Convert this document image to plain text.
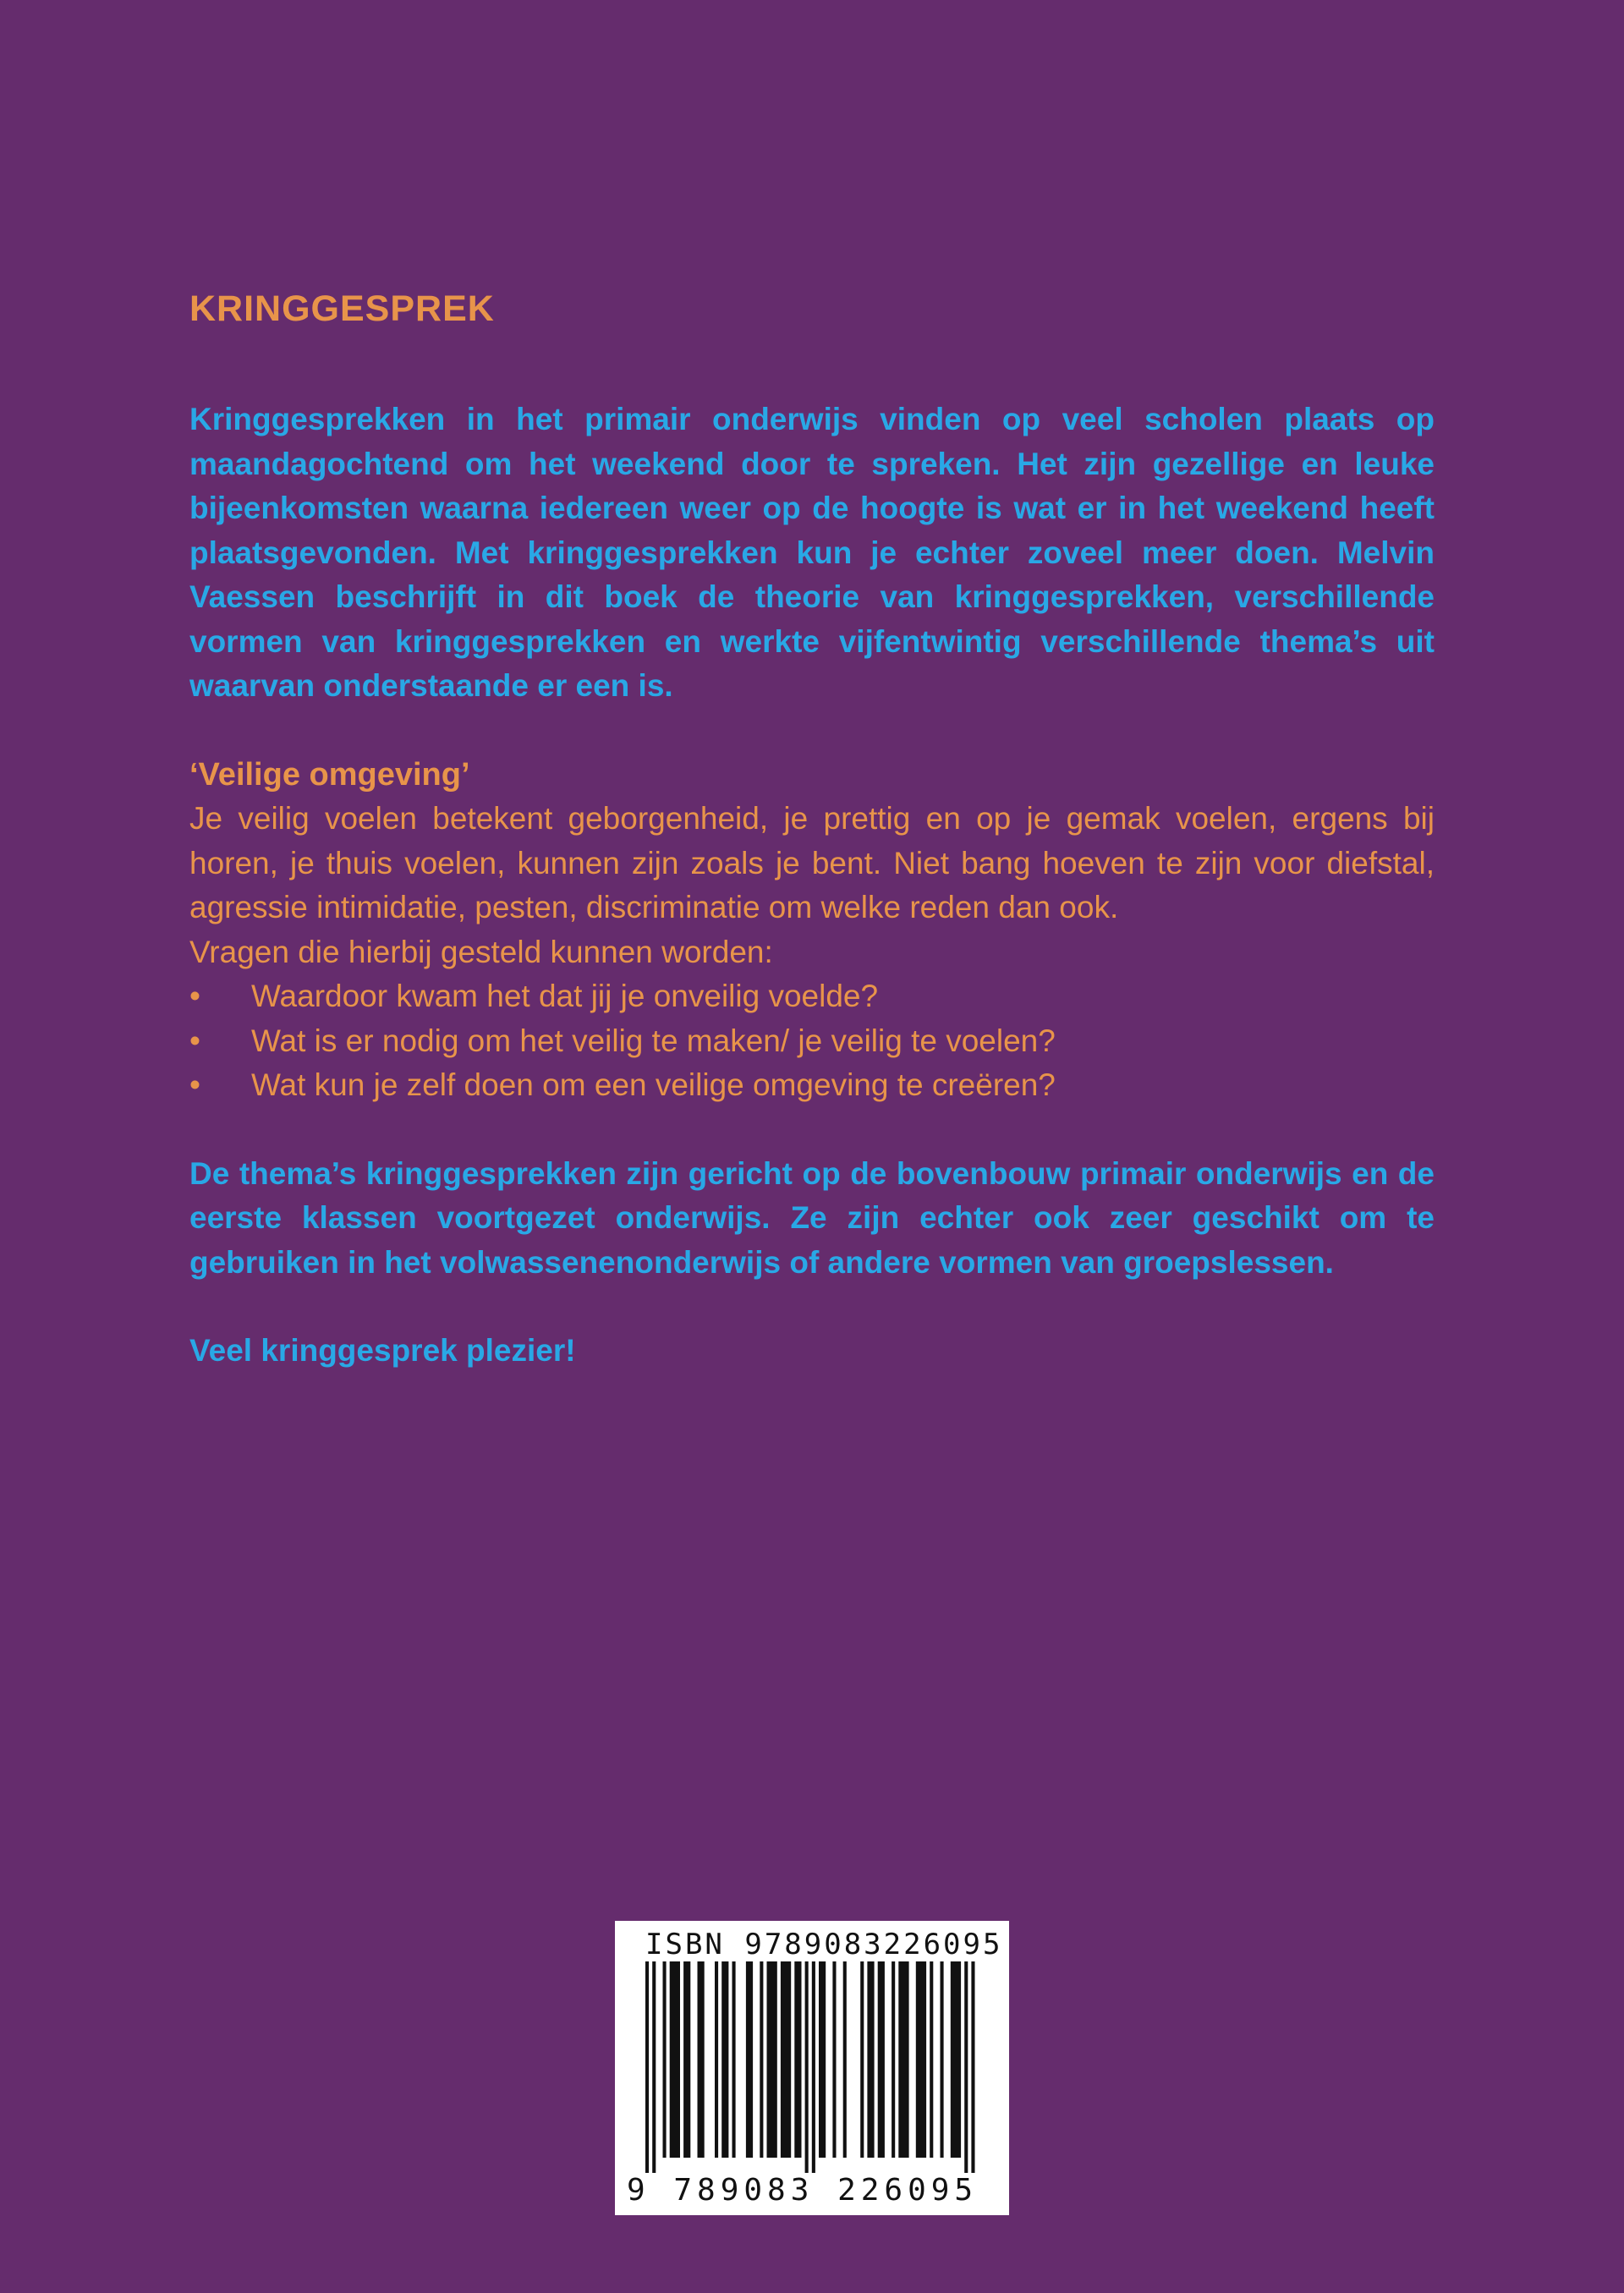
KRINGGESPREK

Kringgesprekken in het primair onderwijs vinden op veel scholen plaats op maandagochtend om het weekend door te spreken. Het zijn gezellige en leuke bijeenkomsten waarna iedereen weer op de hoogte is wat er in het weekend heeft plaatsgevonden. Met kringgesprekken kun je echter zoveel meer doen. Melvin Vaessen beschrijft in dit boek de theorie van kringgesprekken, verschillende vormen van kringgesprekken en werkte vijfentwintig verschillende thema’s uit waarvan onderstaande er een is.

‘Veilige omgeving’

Je veilig voelen betekent geborgenheid, je prettig en op je gemak voelen, ergens bij horen, je thuis voelen, kunnen zijn zoals je bent. Niet bang hoeven te zijn voor diefstal, agressie intimidatie, pesten, discriminatie om welke reden dan ook.

Vragen die hierbij gesteld kunnen worden:

•	Waardoor kwam het dat jij je onveilig voelde?
•	Wat is er nodig om het veilig te maken/ je veilig te voelen?
•	Wat kun je zelf doen om een veilige omgeving te creëren?

De thema’s kringgesprekken zijn gericht op de bovenbouw primair onderwijs en de eerste klassen voortgezet onderwijs. Ze zijn echter ook zeer geschikt om te gebruiken in het volwassenenonderwijs of andere vormen van groepslessen.

Veel kringgesprek plezier!

ISBN 9789083226095
9 789083 226095
